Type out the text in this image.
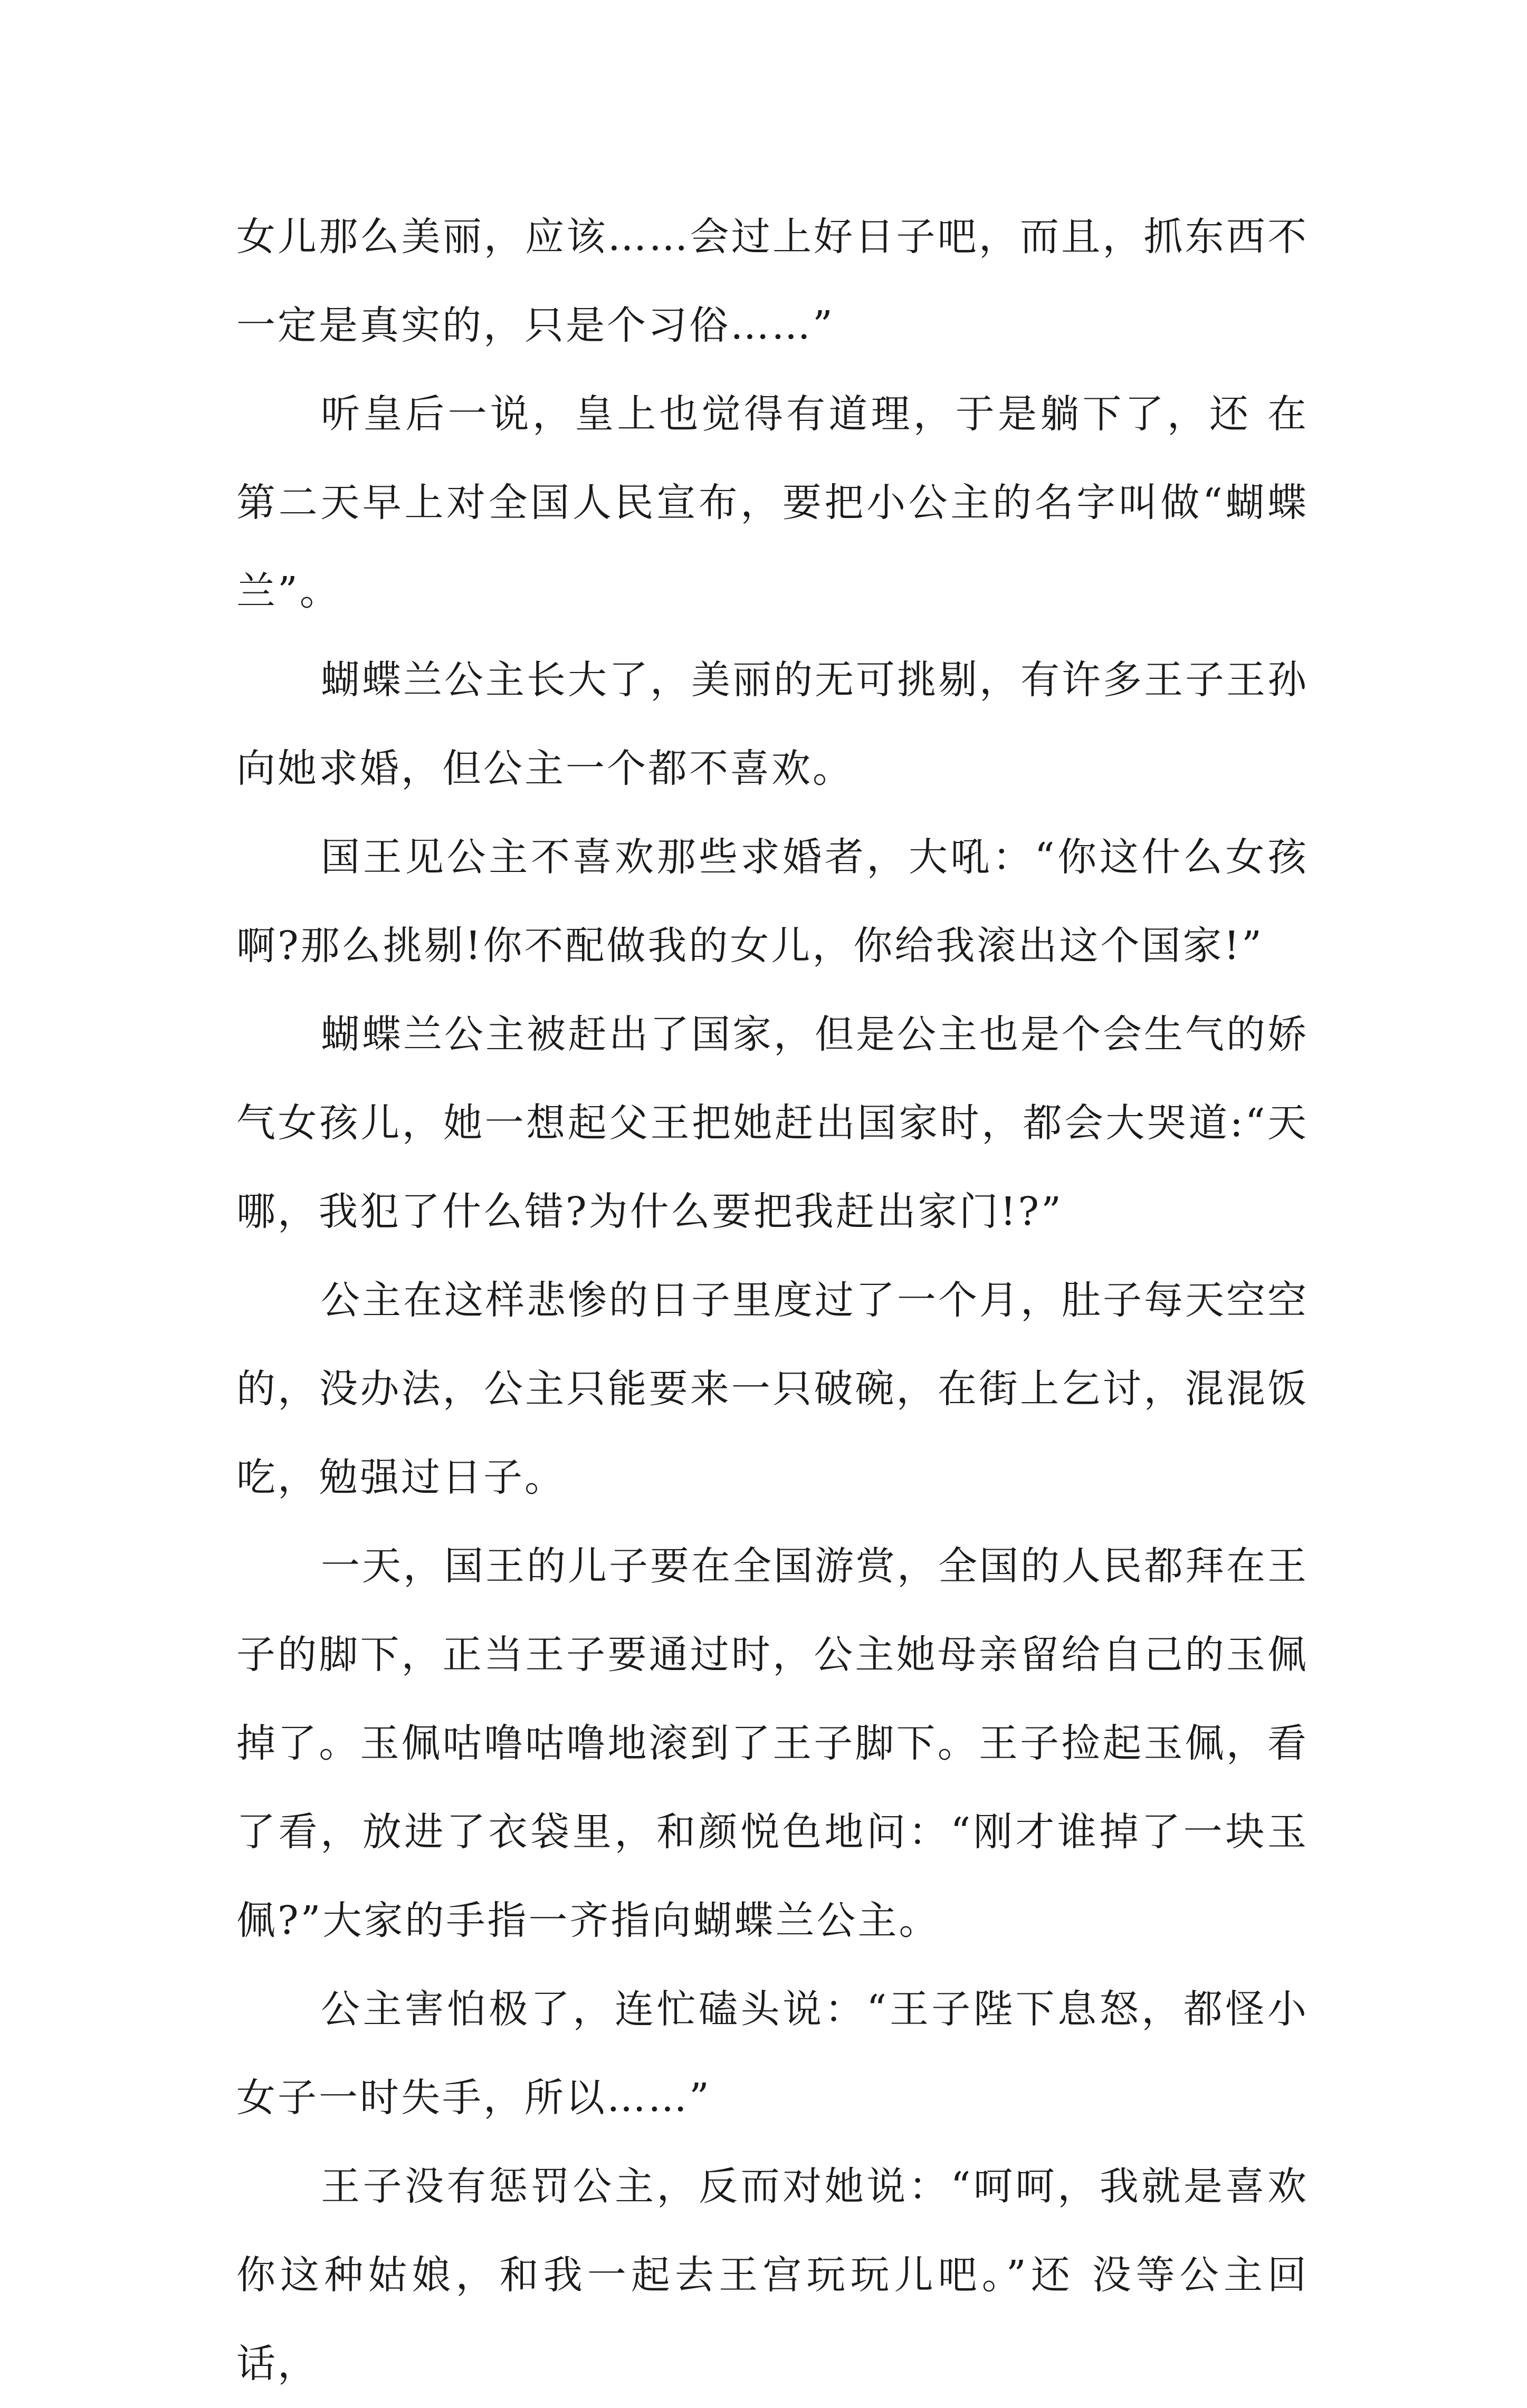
女儿那么美丽，应该……会过上好日子吧，而且，抓东西不一定是真实的，只是个习俗……”

听皇后一说，皇上也觉得有道理，于是躺下了，还 在第二天早上对全国人民宣布，要把小公主的名字叫做“蝴蝶兰”。

蝴蝶兰公主长大了，美丽的无可挑剔，有许多王子王孙向她求婚，但公主一个都不喜欢。

国王见公主不喜欢那些求婚者，大吼：“你这什么女孩啊?那么挑剔!你不配做我的女儿，你给我滚出这个国家!”

蝴蝶兰公主被赶出了国家，但是公主也是个会生气的娇气女孩儿，她一想起父王把她赶出国家时，都会大哭道:“天哪，我犯了什么错?为什么要把我赶出家门!?”

公主在这样悲惨的日子里度过了一个月，肚子每天空空的，没办法，公主只能要来一只破碗，在街上乞讨，混混饭吃，勉强过日子。

一天，国王的儿子要在全国游赏，全国的人民都拜在王子的脚下，正当王子要通过时，公主她母亲留给自己的玉佩掉了。玉佩咕噜咕噜地滚到了王子脚下。王子捡起玉佩，看了看，放进了衣袋里，和颜悦色地问：“刚才谁掉了一块玉佩?”大家的手指一齐指向蝴蝶兰公主。

公主害怕极了，连忙磕头说：“王子陛下息怒，都怪小女子一时失手，所以……”

王子没有惩罚公主，反而对她说：“呵呵，我就是喜欢你这种姑娘，和我一起去王宫玩玩儿吧。”还 没等公主回话，
